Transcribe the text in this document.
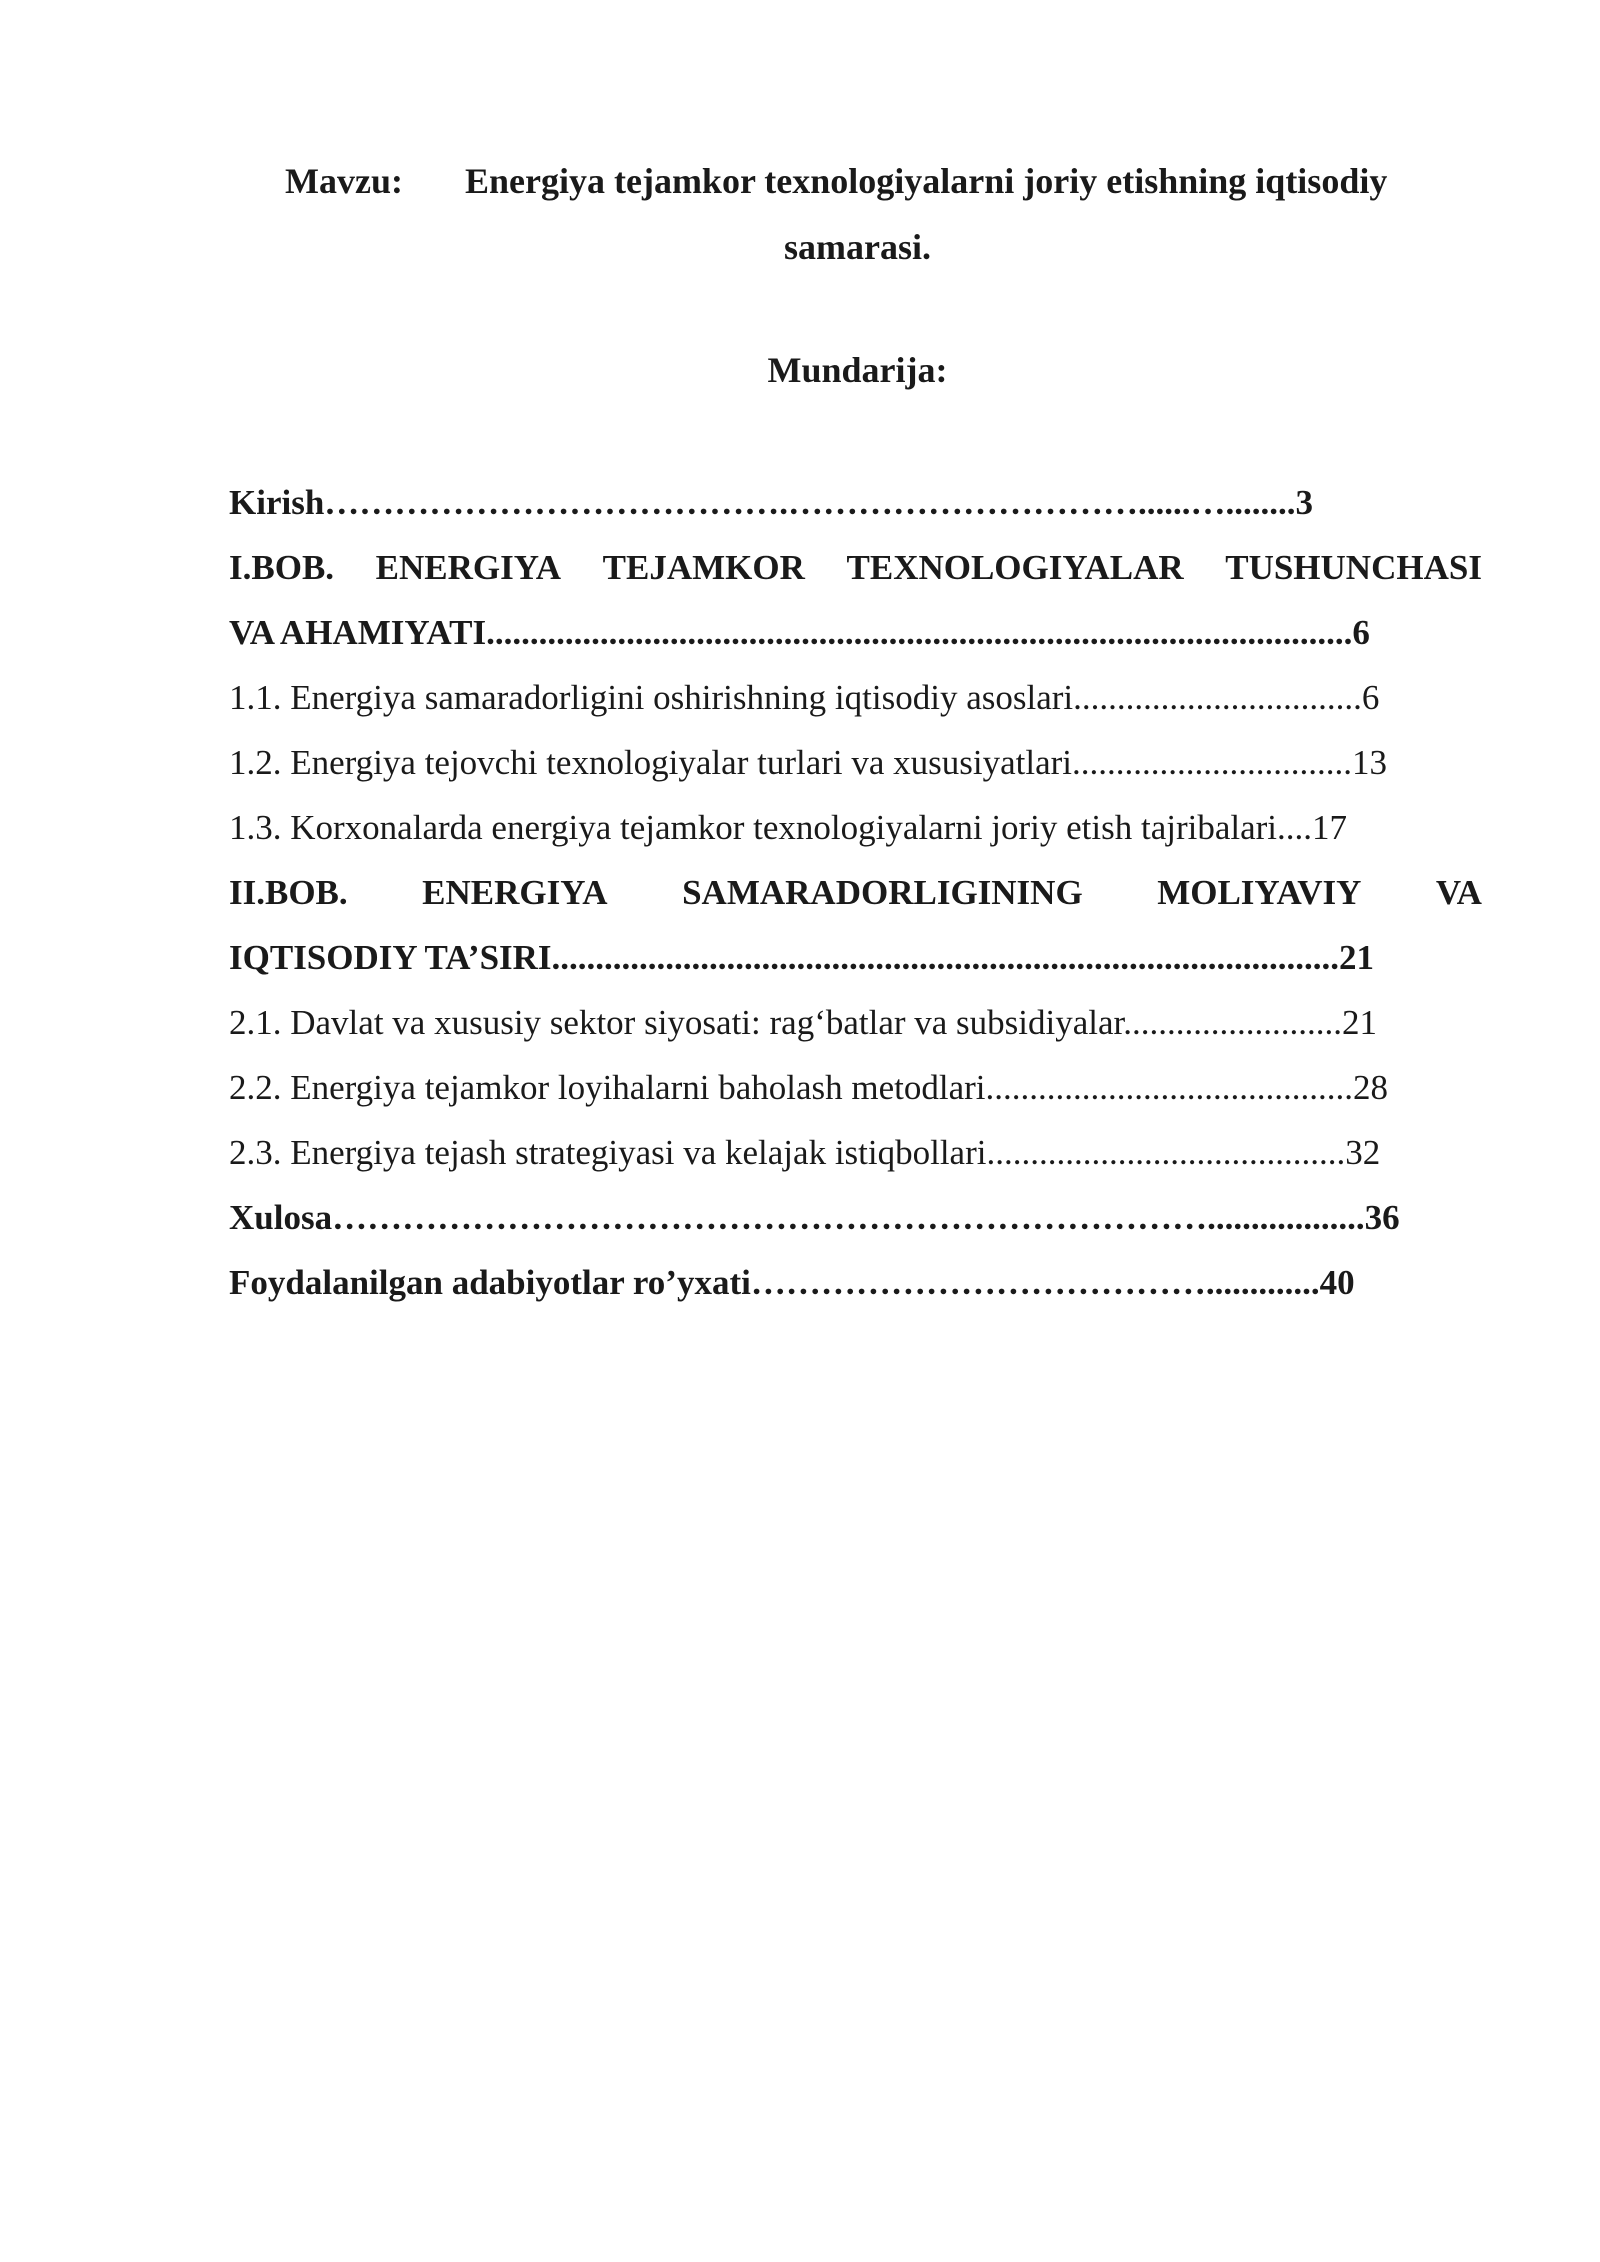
Mavzu: Energiya tejamkor texnologiyalarni joriy etishning iqtisodiy
samarasi.
Mundarija:
Kirish………………………………….…………………………......…........3
I.BOB. ENERGIYA TEJAMKOR TEXNOLOGIYALAR TUSHUNCHASI
VA AHAMIYATI...................................................................................................6
1.1. Energiya samaradorligini oshirishning iqtisodiy asoslari.................................6
1.2. Energiya tejovchi texnologiyalar turlari va xususiyatlari................................13
1.3. Korxonalarda energiya tejamkor texnologiyalarni joriy etish tajribalari....17
II.BOB. ENERGIYA SAMARADORLIGINING MOLIYAVIY VA
IQTISODIY TA’SIRI..........................................................................................21
2.1. Davlat va xususiy sektor siyosati: rag‘batlar va subsidiyalar.........................21
2.2. Energiya tejamkor loyihalarni baholash metodlari..........................................28
2.3. Energiya tejash strategiyasi va kelajak istiqbollari.........................................32
Xulosa…………………………………………………………………..................36
Foydalanilgan adabiyotlar ro’yxati………………………………….............40
